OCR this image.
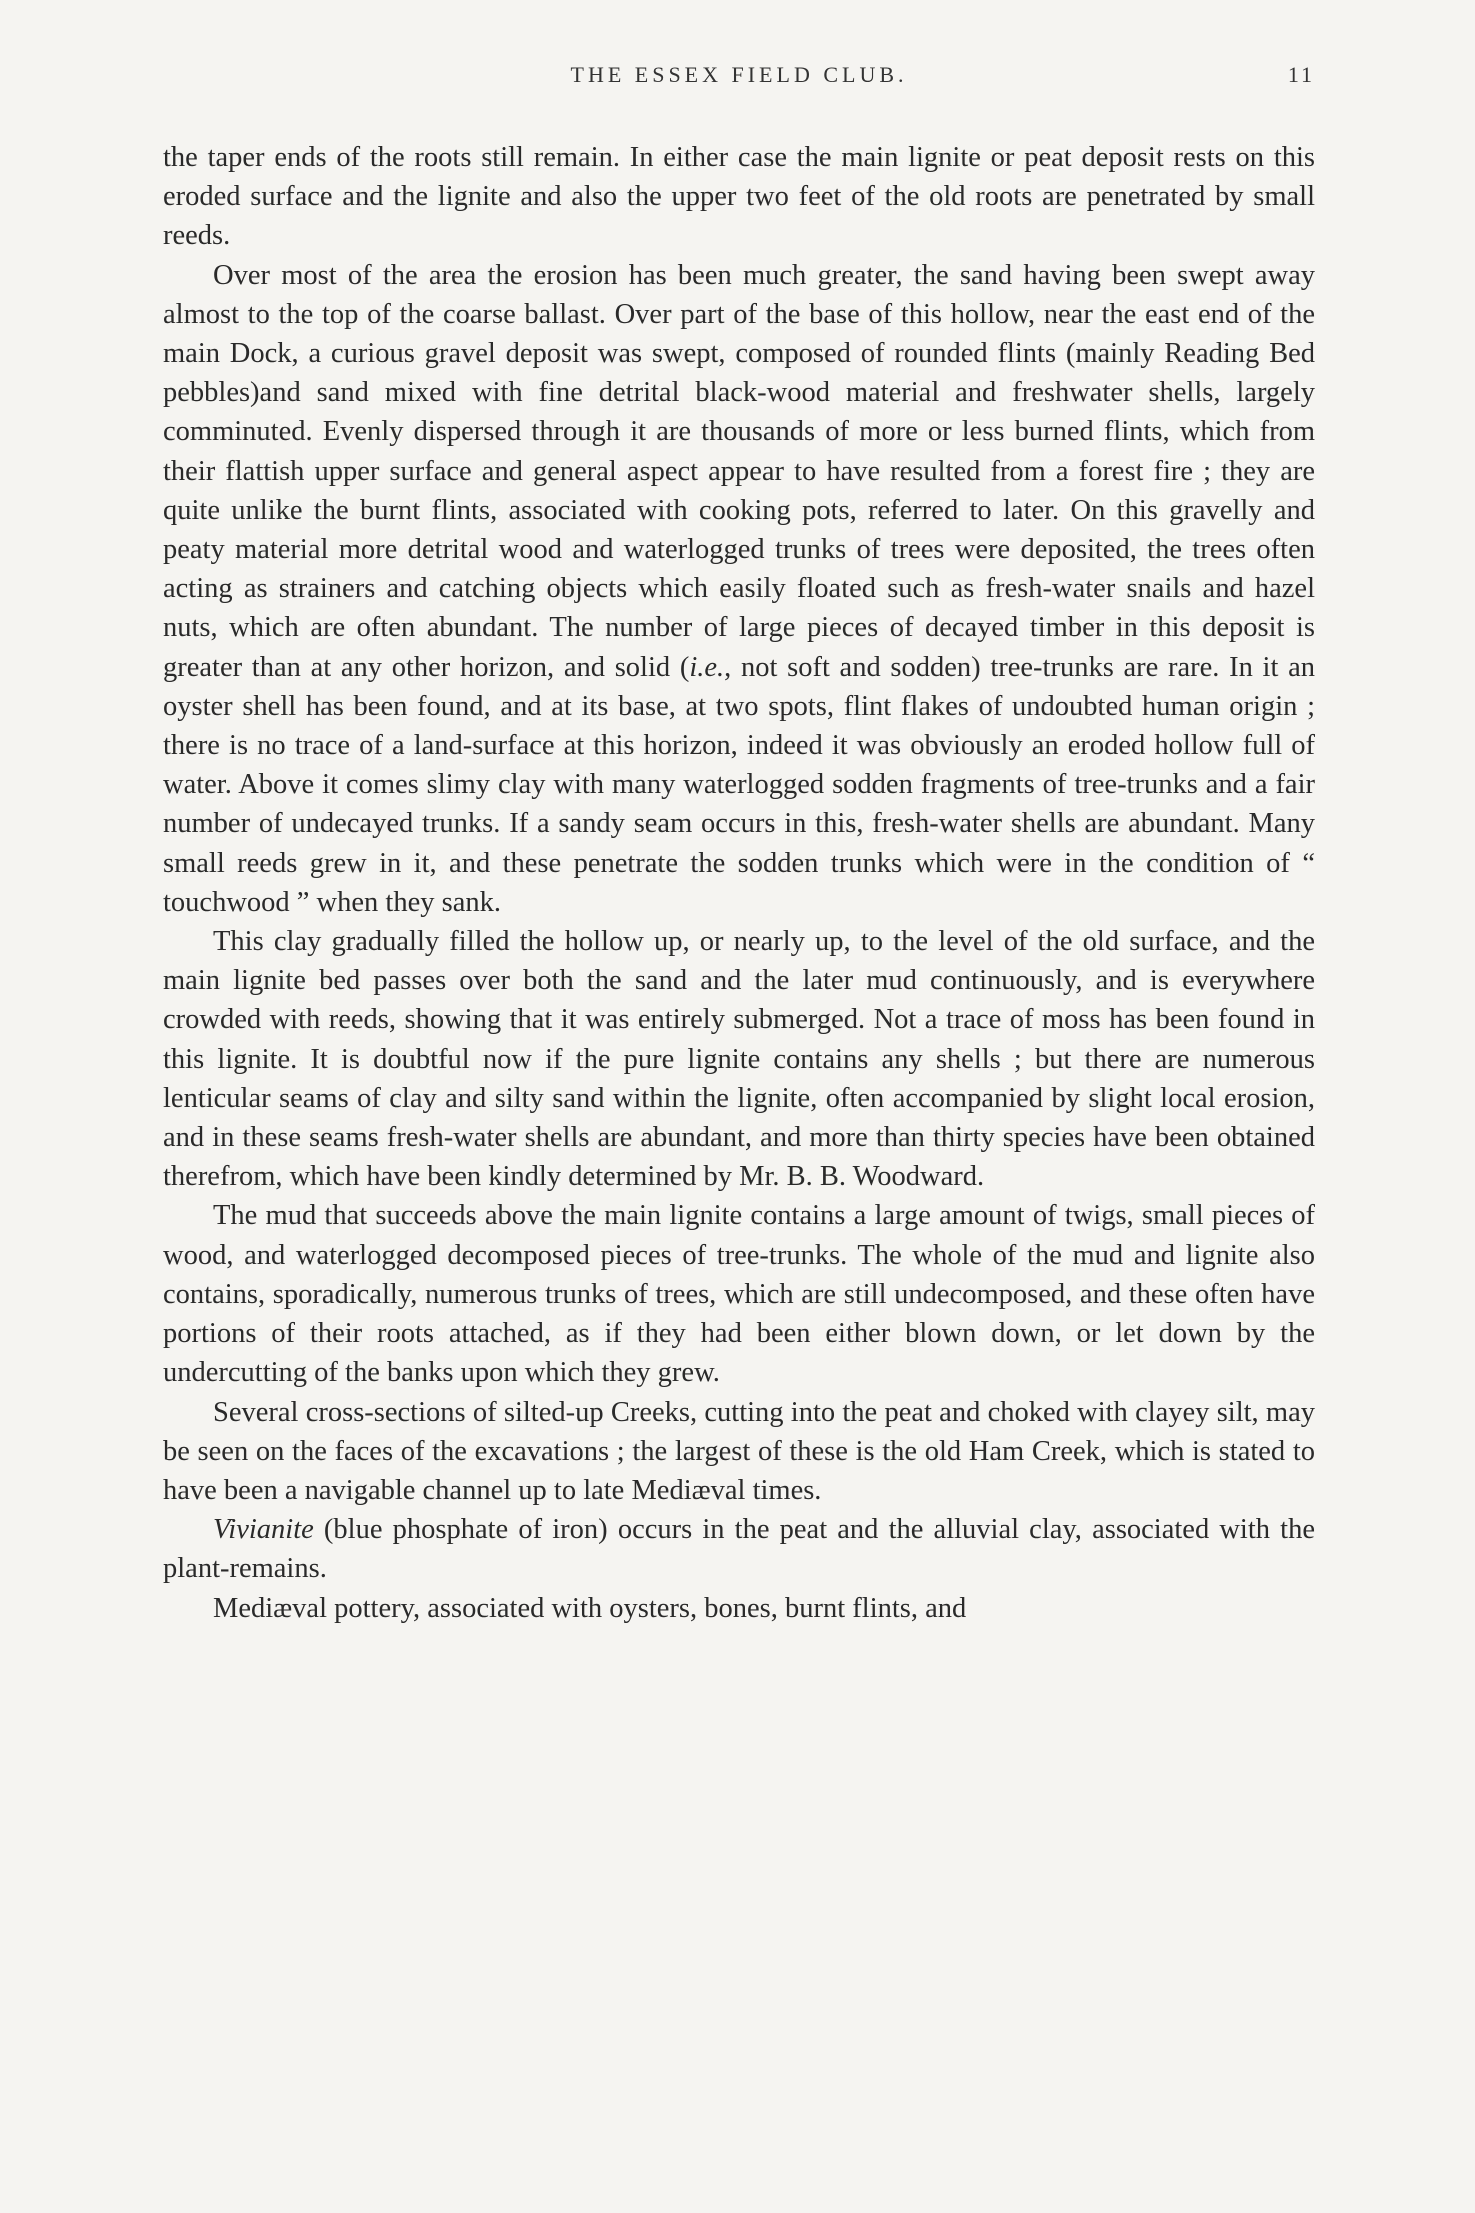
THE ESSEX FIELD CLUB.	11

the taper ends of the roots still remain. In either case the main lignite or peat deposit rests on this eroded surface and the lignite and also the upper two feet of the old roots are penetrated by small reeds.

Over most of the area the erosion has been much greater, the sand having been swept away almost to the top of the coarse ballast. Over part of the base of this hollow, near the east end of the main Dock, a curious gravel deposit was swept, composed of rounded flints (mainly Reading Bed pebbles)and sand mixed with fine detrital black-wood material and freshwater shells, largely comminuted. Evenly dispersed through it are thousands of more or less burned flints, which from their flattish upper surface and general aspect appear to have resulted from a forest fire ; they are quite unlike the burnt flints, associated with cooking pots, referred to later. On this gravelly and peaty material more detrital wood and waterlogged trunks of trees were deposited, the trees often acting as strainers and catching objects which easily floated such as fresh-water snails and hazel nuts, which are often abundant. The number of large pieces of decayed timber in this deposit is greater than at any other horizon, and solid (i.e., not soft and sodden) tree-trunks are rare. In it an oyster shell has been found, and at its base, at two spots, flint flakes of undoubted human origin ; there is no trace of a land-surface at this horizon, indeed it was obviously an eroded hollow full of water. Above it comes slimy clay with many waterlogged sodden fragments of tree-trunks and a fair number of undecayed trunks. If a sandy seam occurs in this, fresh-water shells are abundant. Many small reeds grew in it, and these penetrate the sodden trunks which were in the condition of “ touchwood ” when they sank.

This clay gradually filled the hollow up, or nearly up, to the level of the old surface, and the main lignite bed passes over both the sand and the later mud continuously, and is everywhere crowded with reeds, showing that it was entirely submerged. Not a trace of moss has been found in this lignite. It is doubtful now if the pure lignite contains any shells ; but there are numerous lenticular seams of clay and silty sand within the lignite, often accompanied by slight local erosion, and in these seams fresh-water shells are abundant, and more than thirty species have been obtained therefrom, which have been kindly determined by Mr. B. B. Woodward.

The mud that succeeds above the main lignite contains a large amount of twigs, small pieces of wood, and waterlogged decomposed pieces of tree-trunks. The whole of the mud and lignite also contains, sporadically, numerous trunks of trees, which are still undecomposed, and these often have portions of their roots attached, as if they had been either blown down, or let down by the undercutting of the banks upon which they grew.

Several cross-sections of silted-up Creeks, cutting into the peat and choked with clayey silt, may be seen on the faces of the excavations ; the largest of these is the old Ham Creek, which is stated to have been a navigable channel up to late Mediæval times.

Vivianite (blue phosphate of iron) occurs in the peat and the alluvial clay, associated with the plant-remains.

Mediæval pottery, associated with oysters, bones, burnt flints, and
